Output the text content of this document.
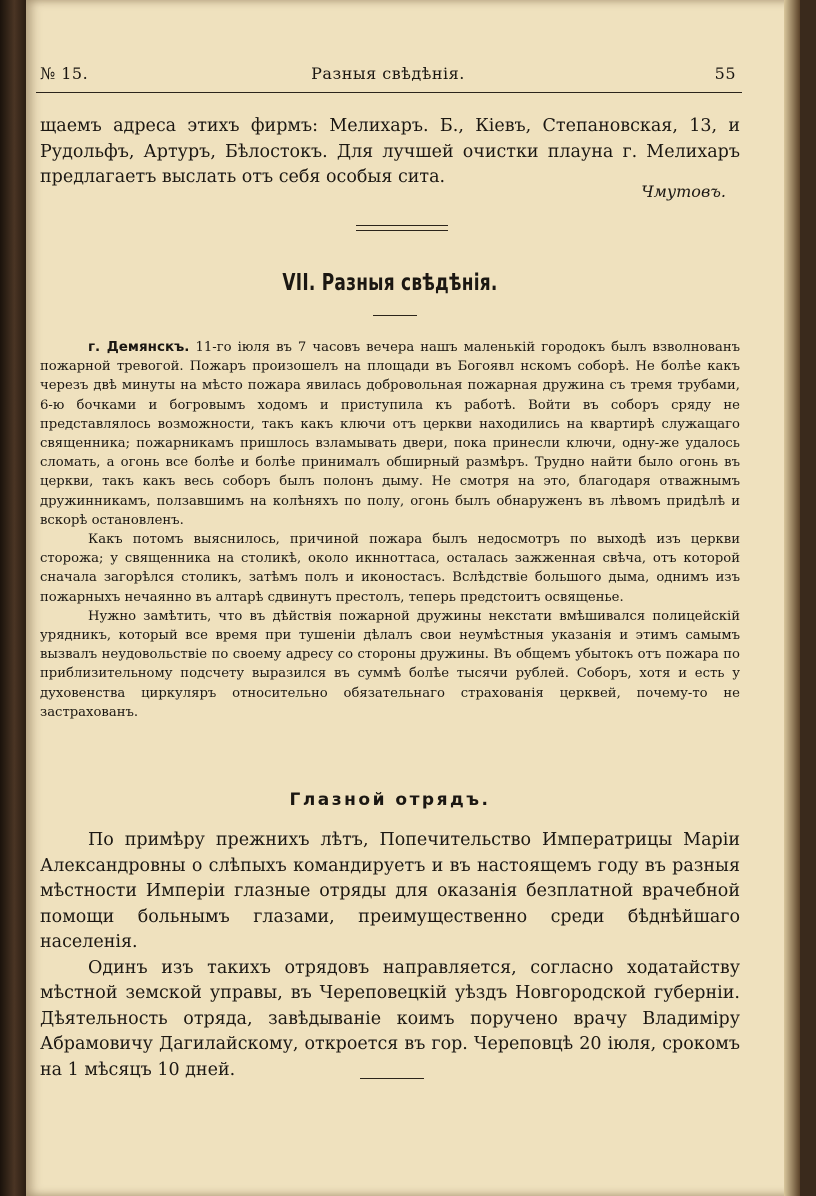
№ 15.	Разныя свѣдѣнія.	55

щаемъ адреса этихъ фирмъ: Мелихаръ. Б., Кіевъ, Степановская, 13, и Рудольфъ, Артуръ, Бѣлостокъ. Для лучшей очистки плауна г. Мелихаръ предлагаетъ выслать отъ себя особыя сита.

Чмутовъ.
VII. Разныя свѣдѣнія.

г. Демянскъ. 11-го іюля въ 7 часовъ вечера нашъ маленькій городокъ былъ взволнованъ пожарной тревогой. Пожаръ произошелъ на площади въ Богоявл нскомъ соборѣ. Не болѣе какъ черезъ двѣ минуты на мѣсто пожара явилась добровольная пожарная дружина съ тремя трубами, 6-ю бочками и богровымъ ходомъ и приступила къ работѣ. Войти въ соборъ сряду не представлялось возможности, такъ какъ ключи отъ церкви находились на квартирѣ служащаго священника; пожарникамъ пришлось взламывать двери, пока принесли ключи, одну-же удалось сломать, а огонь все болѣе и болѣе принималъ обширный размѣръ. Трудно найти было огонь въ церкви, такъ какъ весь соборъ былъ полонъ дыму. Не смотря на это, благодаря отважнымъ дружинникамъ, ползавшимъ на колѣняхъ по полу, огонь былъ обнаруженъ въ лѣвомъ придѣлѣ и вскорѣ остановленъ.

Какъ потомъ выяснилось, причиной пожара былъ недосмотръ по выходѣ изъ церкви сторожа; у священника на столикѣ, около икнноттаса, осталась зажженная свѣча, отъ которой сначала загорѣлся столикъ, затѣмъ полъ и иконостасъ. Вслѣдствіе большого дыма, однимъ изъ пожарныхъ нечаянно въ алтарѣ сдвинутъ престолъ, теперь предстоитъ освященье.

Нужно замѣтить, что въ дѣйствія пожарной дружины некстати вмѣшивался полицейскій урядникъ, который все время при тушеніи дѣлалъ свои неумѣстныя указанія и этимъ самымъ вызвалъ неудовольствіе по своему адресу со стороны дружины. Въ общемъ убытокъ отъ пожара по приблизительному подсчету выразился въ суммѣ болѣе тысячи рублей. Соборъ, хотя и есть у духовенства циркуляръ относительно обязательнаго страхованія церквей, почему-то не застрахованъ.

Глазной отрядъ.

По примѣру прежнихъ лѣтъ, Попечительство Императрицы Маріи Александровны о слѣпыхъ командируетъ и въ настоящемъ году въ разныя мѣстности Имперіи глазные отряды для оказанія безплатной врачебной помощи больнымъ глазами, преимущественно среди бѣднѣйшаго населенія.

Одинъ изъ такихъ отрядовъ направляется, согласно ходатайству мѣстной земской управы, въ Череповецкій уѣздъ Новгородской губерніи. Дѣятельность отряда, завѣдываніе коимъ поручено врачу Владиміру Абрамовичу Дагилайскому, откроется въ гор. Череповцѣ 20 іюля, срокомъ на 1 мѣсяцъ 10 дней.
